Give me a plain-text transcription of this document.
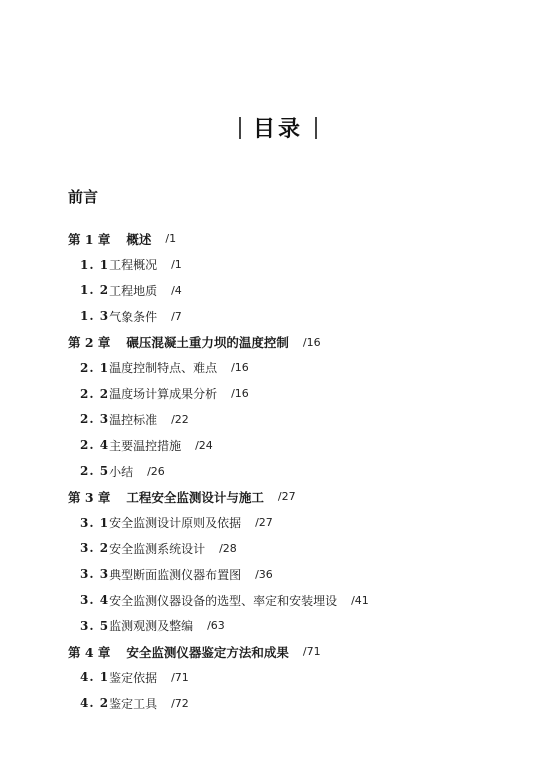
目录
前言
第 1 章 概述 /1
1. 1 工程概况 /1
1. 2 工程地质 /4
1. 3 气象条件 /7
第 2 章 碾压混凝土重力坝的温度控制 /16
2. 1 温度控制特点、难点 /16
2. 2 温度场计算成果分析 /16
2. 3 温控标准 /22
2. 4 主要温控措施 /24
2. 5 小结 /26
第 3 章 工程安全监测设计与施工 /27
3. 1 安全监测设计原则及依据 /27
3. 2 安全监测系统设计 /28
3. 3 典型断面监测仪器布置图 /36
3. 4 安全监测仪器设备的选型、率定和安装埋设 /41
3. 5 监测观测及整编 /63
第 4 章 安全监测仪器鉴定方法和成果 /71
4. 1 鉴定依据 /71
4. 2 鉴定工具 /72
